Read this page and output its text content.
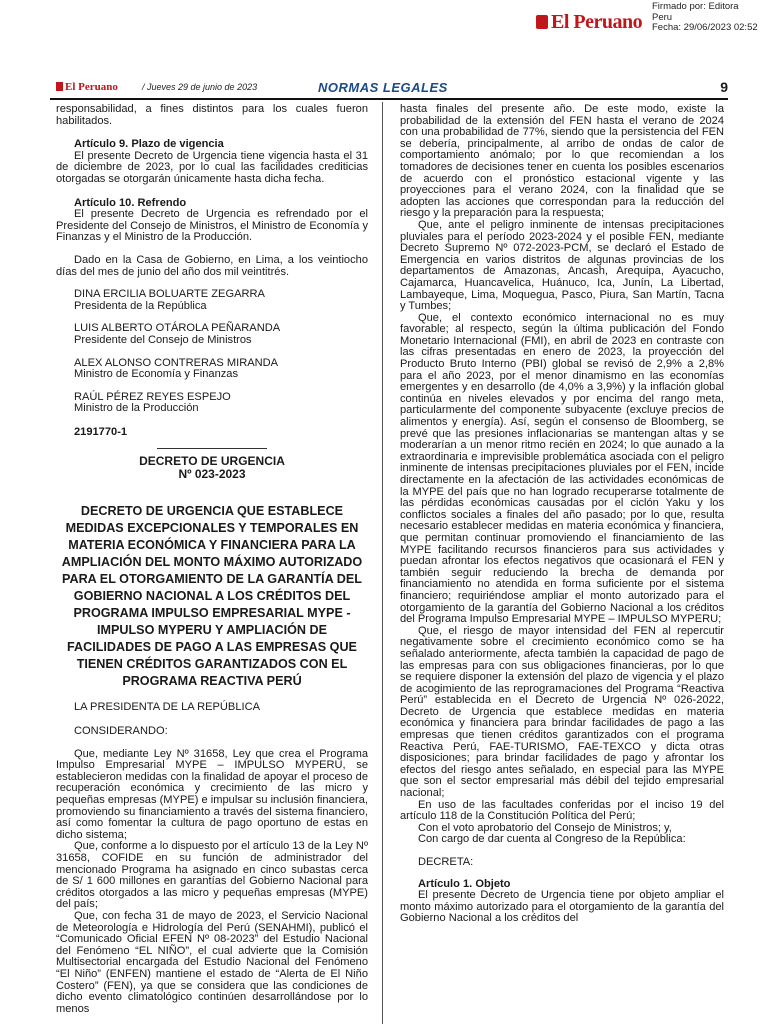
El Peruano
Firmado por: Editora
Peru
Fecha: 29/06/2023 02:52
El Peruano	/ Jueves 29 de junio de 2023	NORMAS LEGALES	9

responsabilidad, a fines distintos para los cuales fueron habilitados.

Artículo 9. Plazo de vigencia

El presente Decreto de Urgencia tiene vigencia hasta el 31 de diciembre de 2023, por lo cual las facilidades crediticias otorgadas se otorgarán únicamente hasta dicha fecha.

Artículo 10. Refrendo

El presente Decreto de Urgencia es refrendado por el Presidente del Consejo de Ministros, el Ministro de Economía y Finanzas y el Ministro de la Producción.

Dado en la Casa de Gobierno, en Lima, a los veintiocho días del mes de junio del año dos mil veintitrés.

DINA ERCILIA BOLUARTE ZEGARRA

Presidenta de la República

LUIS ALBERTO OTÁROLA PEÑARANDA

Presidente del Consejo de Ministros

ALEX ALONSO CONTRERAS MIRANDA

Ministro de Economía y Finanzas

RAÚL PÉREZ REYES ESPEJO

Ministro de la Producción

2191770-1
DECRETO DE URGENCIA
Nº 023-2023
DECRETO DE URGENCIA QUE ESTABLECE MEDIDAS EXCEPCIONALES Y TEMPORALES EN MATERIA ECONÓMICA Y FINANCIERA PARA LA AMPLIACIÓN DEL MONTO MÁXIMO AUTORIZADO PARA EL OTORGAMIENTO DE LA GARANTÍA DEL GOBIERNO NACIONAL A LOS CRÉDITOS DEL PROGRAMA IMPULSO EMPRESARIAL MYPE - IMPULSO MYPERU Y AMPLIACIÓN DE FACILIDADES DE PAGO A LAS EMPRESAS QUE TIENEN CRÉDITOS GARANTIZADOS CON EL PROGRAMA REACTIVA PERÚ
LA PRESIDENTA DE LA REPÚBLICA
CONSIDERANDO:

Que, mediante Ley Nº 31658, Ley que crea el Programa Impulso Empresarial MYPE – IMPULSO MYPERU, se establecieron medidas con la finalidad de apoyar el proceso de recuperación económica y crecimiento de las micro y pequeñas empresas (MYPE) e impulsar su inclusión financiera, promoviendo su financiamiento a través del sistema financiero, así como fomentar la cultura de pago oportuno de estas en dicho sistema;

Que, conforme a lo dispuesto por el artículo 13 de la Ley Nº 31658, COFIDE en su función de administrador del mencionado Programa ha asignado en cinco subastas cerca de S/ 1 600 millones en garantías del Gobierno Nacional para créditos otorgados a las micro y pequeñas empresas (MYPE) del país;

Que, con fecha 31 de mayo de 2023, el Servicio Nacional de Meteorología e Hidrología del Perú (SENAHMI), publicó el “Comunicado Oficial EFEN Nº 08-2023” del Estudio Nacional del Fenómeno “EL NIÑO”, el cual advierte que la Comisión Multisectorial encargada del Estudio Nacional del Fenómeno “El Niño” (ENFEN) mantiene el estado de “Alerta de El Niño Costero” (FEN), ya que se considera que las condiciones de dicho evento climatológico continúen desarrollándose por lo menos

hasta finales del presente año. De este modo, existe la probabilidad de la extensión del FEN hasta el verano de 2024 con una probabilidad de 77%, siendo que la persistencia del FEN se debería, principalmente, al arribo de ondas de calor de comportamiento anómalo; por lo que recomiendan a los tomadores de decisiones tener en cuenta los posibles escenarios de acuerdo con el pronóstico estacional vigente y las proyecciones para el verano 2024, con la finalidad que se adopten las acciones que correspondan para la reducción del riesgo y la preparación para la respuesta;

Que, ante el peligro inminente de intensas precipitaciones pluviales para el período 2023-2024 y el posible FEN, mediante Decreto Supremo Nº 072-2023-PCM, se declaró el Estado de Emergencia en varios distritos de algunas provincias de los departamentos de Amazonas, Ancash, Arequipa, Ayacucho, Cajamarca, Huancavelica, Huánuco, Ica, Junín, La Libertad, Lambayeque, Lima, Moquegua, Pasco, Piura, San Martín, Tacna y Tumbes;

Que, el contexto económico internacional no es muy favorable; al respecto, según la última publicación del Fondo Monetario Internacional (FMI), en abril de 2023 en contraste con las cifras presentadas en enero de 2023, la proyección del Producto Bruto Interno (PBI) global se revisó de 2,9% a 2,8% para el año 2023, por el menor dinamismo en las economías emergentes y en desarrollo (de 4,0% a 3,9%) y la inflación global continúa en niveles elevados y por encima del rango meta, particularmente del componente subyacente (excluye precios de alimentos y energía). Así, según el consenso de Bloomberg, se prevé que las presiones inflacionarias se mantengan altas y se moderarían a un menor ritmo recién en 2024; lo que aunado a la extraordinaria e imprevisible problemática asociada con el peligro inminente de intensas precipitaciones pluviales por el FEN, incide directamente en la afectación de las actividades económicas de la MYPE del país que no han logrado recuperarse totalmente de las pérdidas económicas causadas por el ciclón Yaku y los conflictos sociales a finales del año pasado; por lo que, resulta necesario establecer medidas en materia económica y financiera, que permitan continuar promoviendo el financiamiento de las MYPE facilitando recursos financieros para sus actividades y puedan afrontar los efectos negativos que ocasionará el FEN y también seguir reduciendo la brecha de demanda por financiamiento no atendida en forma suficiente por el sistema financiero; requiriéndose ampliar el monto autorizado para el otorgamiento de la garantía del Gobierno Nacional a los créditos del Programa Impulso Empresarial MYPE – IMPULSO MYPERU;

Que, el riesgo de mayor intensidad del FEN al repercutir negativamente sobre el crecimiento económico como se ha señalado anteriormente, afecta también la capacidad de pago de las empresas para con sus obligaciones financieras, por lo que se requiere disponer la extensión del plazo de vigencia y el plazo de acogimiento de las reprogramaciones del Programa “Reactiva Perú” establecida en el Decreto de Urgencia Nº 026-2022, Decreto de Urgencia que establece medidas en materia económica y financiera para brindar facilidades de pago a las empresas que tienen créditos garantizados con el programa Reactiva Perú, FAE-TURISMO, FAE-TEXCO y dicta otras disposiciones; para brindar facilidades de pago y afrontar los efectos del riesgo antes señalado, en especial para las MYPE que son el sector empresarial más débil del tejido empresarial nacional;

En uso de las facultades conferidas por el inciso 19 del artículo 118 de la Constitución Política del Perú;

Con el voto aprobatorio del Consejo de Ministros; y,

Con cargo de dar cuenta al Congreso de la República:

DECRETA:

Artículo 1. Objeto

El presente Decreto de Urgencia tiene por objeto ampliar el monto máximo autorizado para el otorgamiento de la garantía del Gobierno Nacional a los créditos del
